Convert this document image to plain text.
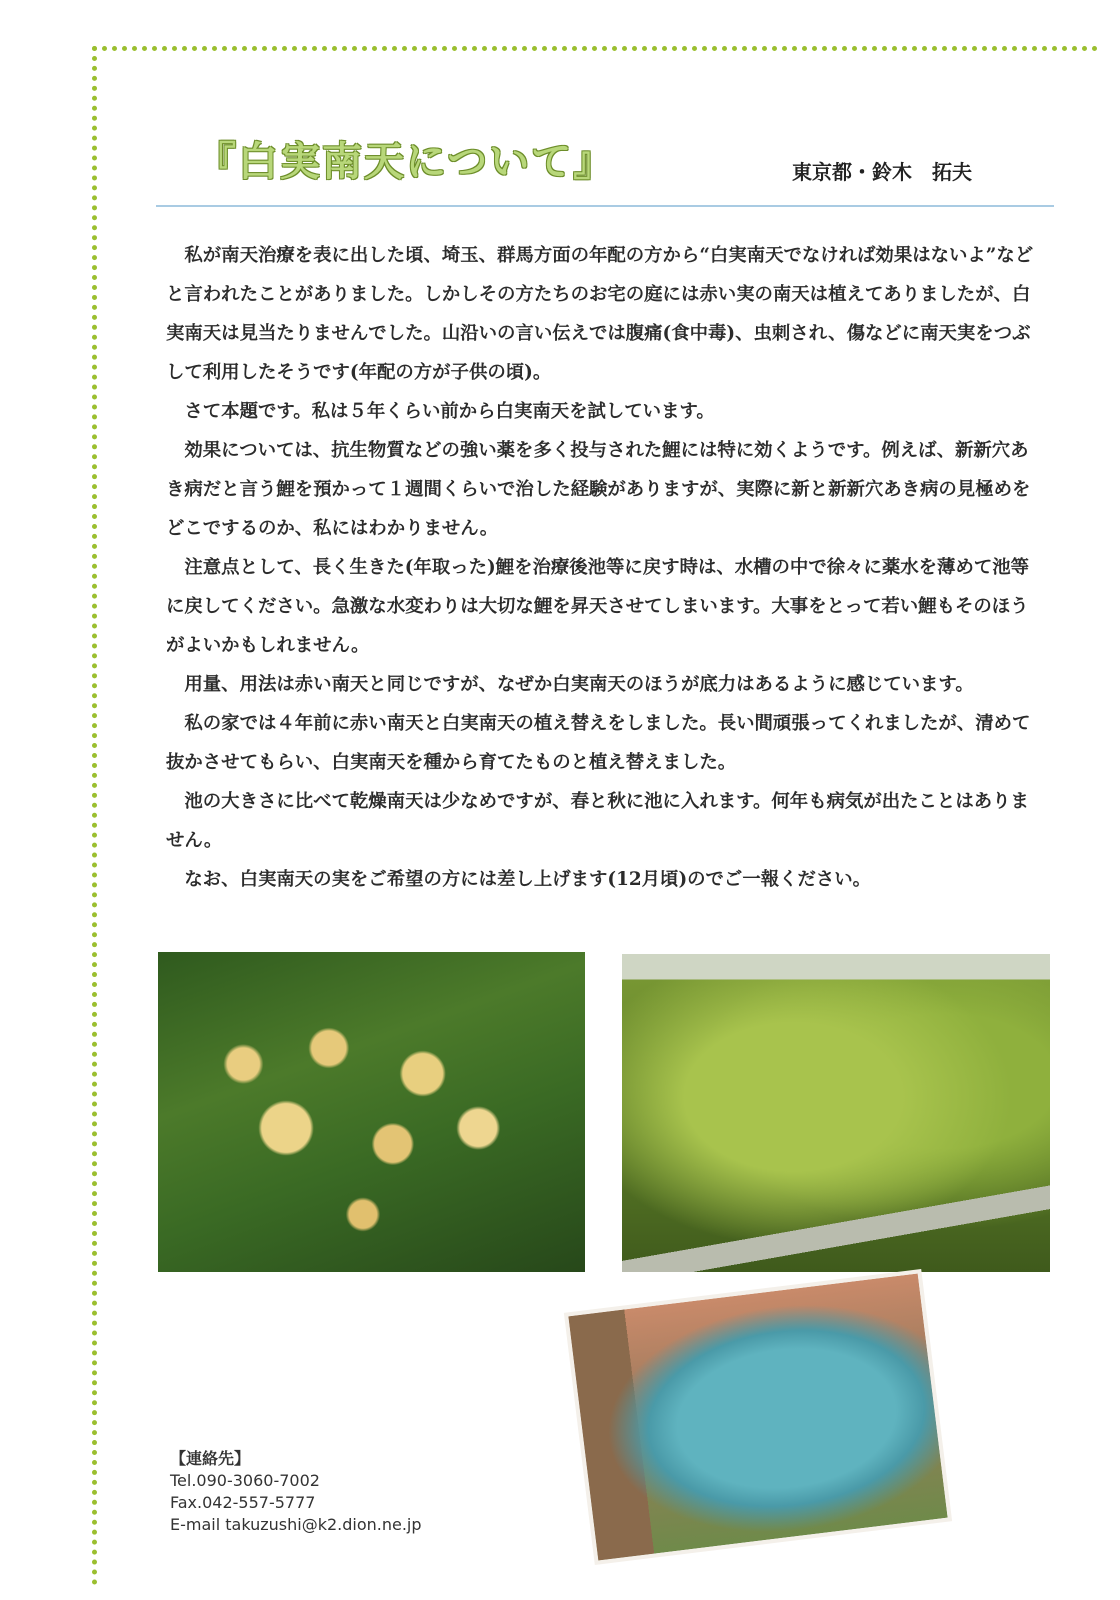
『白実南天について』	東京都・鈴木　拓夫

私が南天治療を表に出した頃、埼玉、群馬方面の年配の方から“白実南天でなければ効果はないよ”などと言われたことがありました。しかしその方たちのお宅の庭には赤い実の南天は植えてありましたが、白実南天は見当たりませんでした。山沿いの言い伝えでは腹痛(食中毒)、虫刺され、傷などに南天実をつぶして利用したそうです(年配の方が子供の頃)。

さて本題です。私は５年くらい前から白実南天を試しています。

効果については、抗生物質などの強い薬を多く投与された鯉には特に効くようです。例えば、新新穴あき病だと言う鯉を預かって１週間くらいで治した経験がありますが、実際に新と新新穴あき病の見極めをどこでするのか、私にはわかりません。

注意点として、長く生きた(年取った)鯉を治療後池等に戻す時は、水槽の中で徐々に薬水を薄めて池等に戻してください。急激な水変わりは大切な鯉を昇天させてしまいます。大事をとって若い鯉もそのほうがよいかもしれません。

用量、用法は赤い南天と同じですが、なぜか白実南天のほうが底力はあるように感じています。

私の家では４年前に赤い南天と白実南天の植え替えをしました。長い間頑張ってくれましたが、清めて抜かさせてもらい、白実南天を種から育てたものと植え替えました。

池の大きさに比べて乾燥南天は少なめですが、春と秋に池に入れます。何年も病気が出たことはありません。

なお、白実南天の実をご希望の方には差し上げます(12月頃)のでご一報ください。

【連絡先】
Tel.090-3060-7002
Fax.042-557-5777
E-mail takuzushi@k2.dion.ne.jp
